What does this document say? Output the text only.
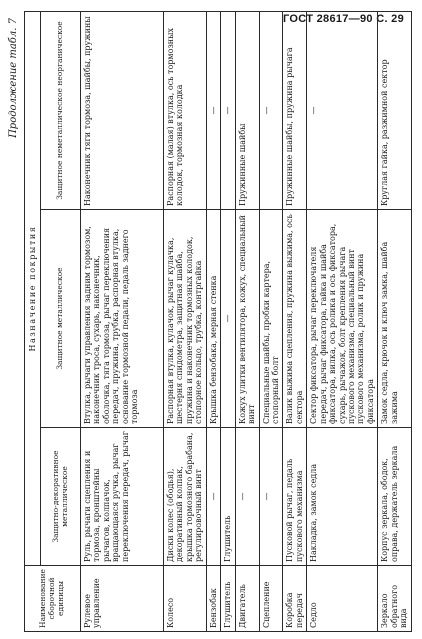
ГОСТ 28617—90 С. 29
Продолжение табл. 7
Наименование сборочной единицы	Назначение покрытия		
	Защитно-декоративное металлическое	Защитное металлическое	Защитное неметаллическое неорганическое
Рулевое управление	Руль, рычаги сцепления и тормоза, кронштейны рычагов, колпачок, вращающаяся ручка, рычаг переключения передач, рычаг	Втулка, рычаги управления задним тормозом, наконечник троса, сухарь, наконечник, оболочка, тяга тормоза, рычаг переключения передач, пружина, трубка, распорная втулка, основание тормозной педали, педаль заднего тормоза	Наконечник тяги тормоза, шайбы, пружины
Колесо	Диски колес (ободья), декоративный колпак, крышка тормозного барабана, регулировочный винт	Распорная втулка, кулачок, рычаг кулачка, шестерня спидометра, защитная шайба, пружина и наконечник тормозных колодок, стопорное кольцо, трубка, контргайка	Распорная (малая) втулка, ось тормозных колодок, тормозная колодка
Бензобак	—	Крышка бензобака, мерная стенка	—
Глушитель	Глушитель	—	—
Двигатель	—	Кожух улитки вентилятора, кожух, специальный винт	Пружинные шайбы
Сцепление	—	Специальные шайбы, пробки картера, стопорный болт	—
Коробка передач	Пусковой рычаг, педаль пускового механизма	Валик выжима сцепления, пружина выжима, ось сектора	Пружинные шайбы, пружина рычага
Седло	Накладка, замок седла	Сектор фиксатора, рычаг переключателя передач, рычаг фиксатора, гайка и шайба фиксатора, вилка, ось ролика и ось фиксатора, сухарь, рычажок, болт крепления рычага пускового механизма, специальный винт пускового механизма, ролик и пружина фиксатора	—
Зеркало обратного вида	Корпус зеркала, ободок, оправа, держатель зеркала	Замок седла, крючок и ключ замка, шайба зажима	Круглая гайка, разжимной сектор
